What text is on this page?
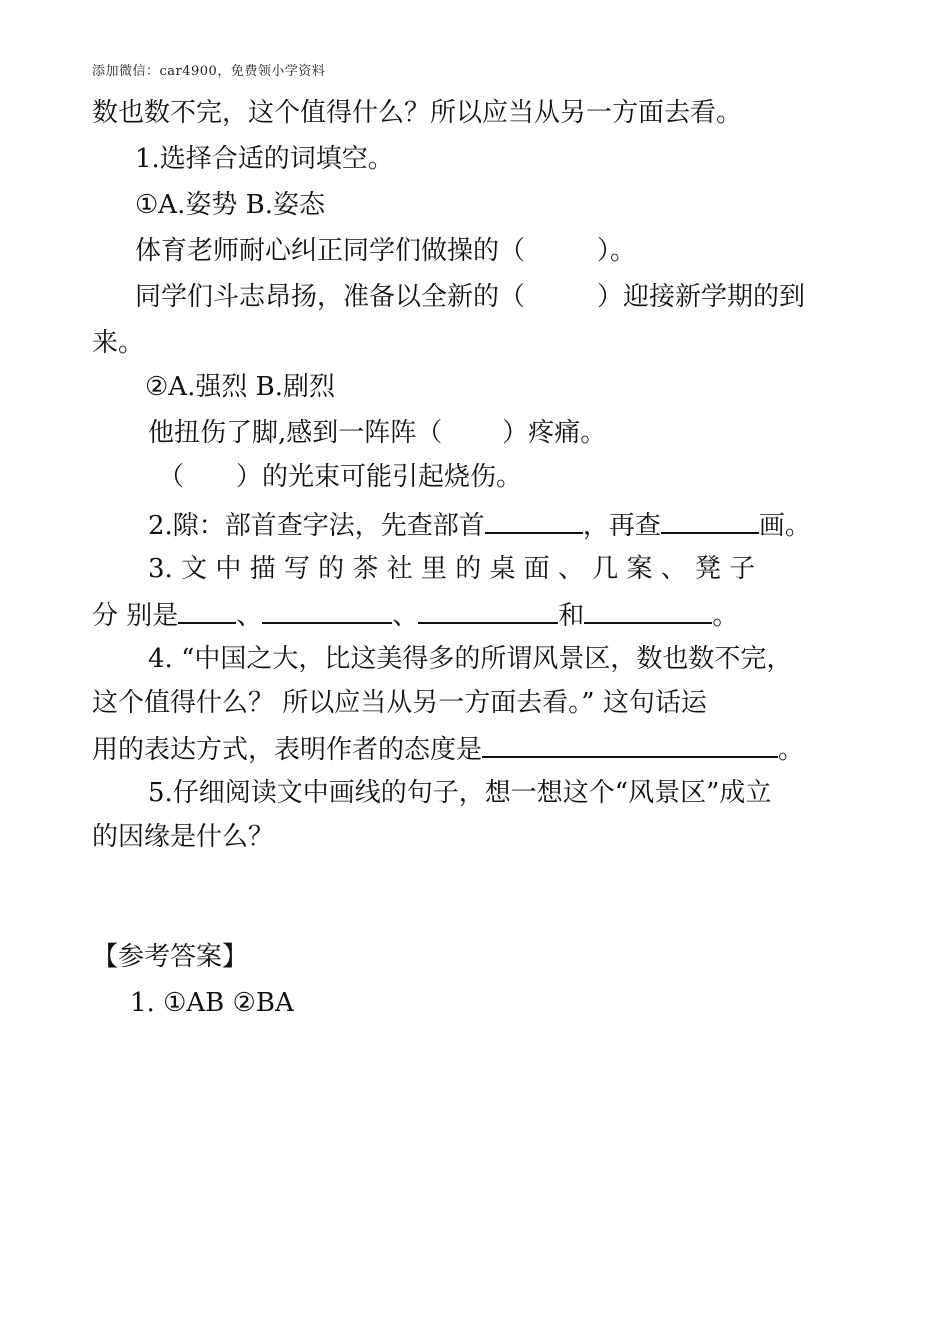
添加微信：car4900，免费领小学资料
数也数不完，这个值得什么？所以应当从另一方面去看。
1.选择合适的词填空。
①A.姿势 B.姿态
体育老师耐心纠正同学们做操的（	）。
同学们斗志昂扬，准备以全新的（	）迎接新学期的到
来。
②A.强烈 B.剧烈
他扭伤了脚,感到一阵阵（ ）疼痛。
（ ）的光束可能引起烧伤。
2.隙：部首查字法，先查部首	，再查	画。
3. 文 中 描 写 的 茶 社 里 的 桌 面 、 几 案 、 凳 子
分 别是 、	、	和	。
4. “中国之大，比这美得多的所谓风景区，数也数不完，
这个值得什么？ 所以应当从另一方面去看。” 这句话运
用的表达方式，表明作者的态度是	。
5.仔细阅读文中画线的句子，想一想这个“风景区”成立
的因缘是什么？
【参考答案】
1. ①AB ②BA
